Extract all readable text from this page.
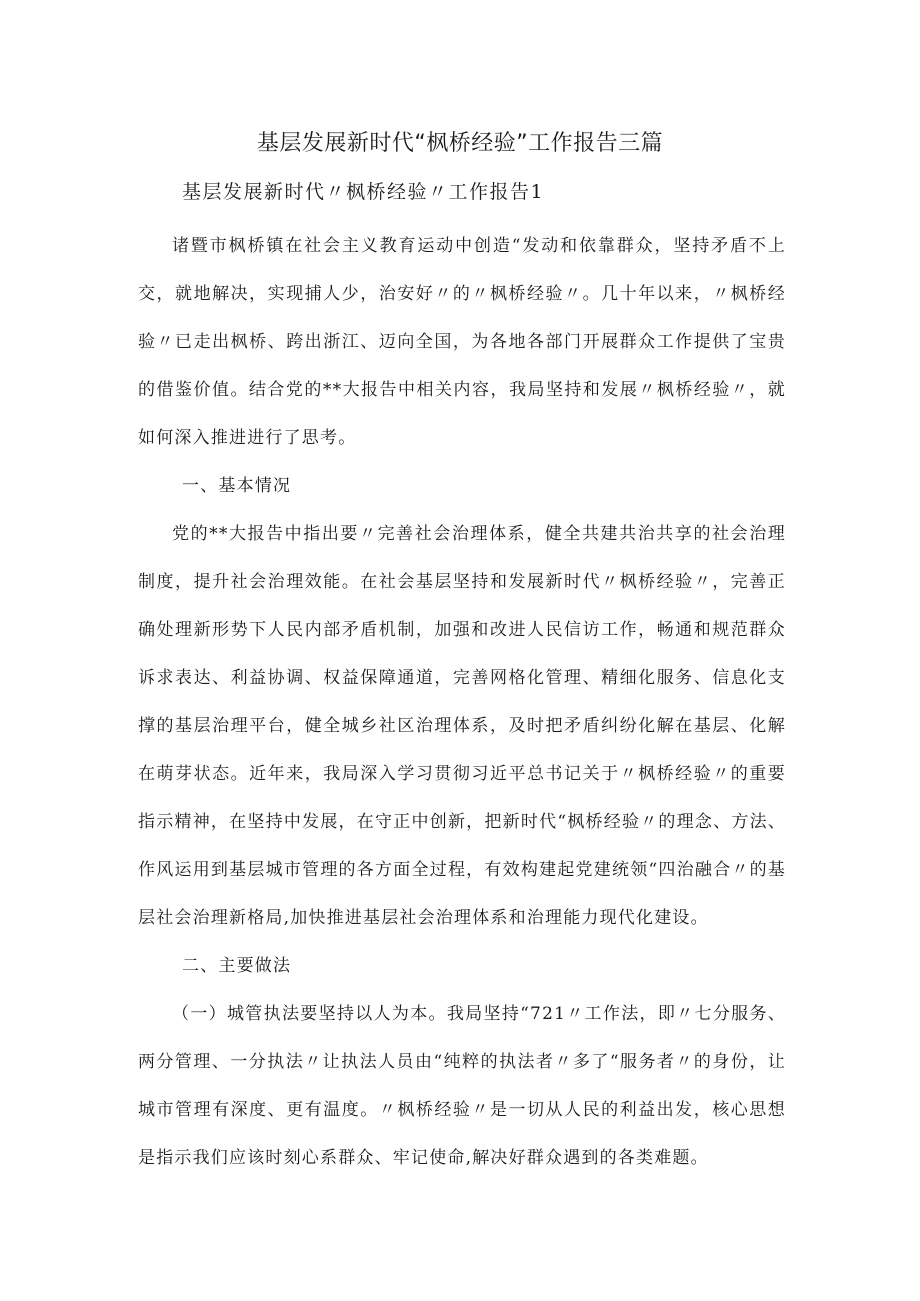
基层发展新时代“枫桥经验”工作报告三篇
基层发展新时代〃枫桥经验〃工作报告1

诸暨市枫桥镇在社会主义教育运动中创造“发动和依靠群众，坚持矛盾不上交，就地解决，实现捕人少，治安好〃的〃枫桥经验〃。几十年以来，〃枫桥经验〃已走出枫桥、跨出浙江、迈向全国，为各地各部门开展群众工作提供了宝贵的借鉴价值。结合党的**大报告中相关内容，我局坚持和发展〃枫桥经验〃，就如何深入推进进行了思考。

一、基本情况

党的**大报告中指出要〃完善社会治理体系，健全共建共治共享的社会治理制度，提升社会治理效能。在社会基层坚持和发展新时代〃枫桥经验〃，完善正确处理新形势下人民内部矛盾机制，加强和改进人民信访工作，畅通和规范群众诉求表达、利益协调、权益保障通道，完善网格化管理、精细化服务、信息化支撑的基层治理平台，健全城乡社区治理体系，及时把矛盾纠纷化解在基层、化解在萌芽状态。近年来，我局深入学习贯彻习近平总书记关于〃枫桥经验〃的重要指示精神，在坚持中发展，在守正中创新，把新时代“枫桥经验〃的理念、方法、作风运用到基层城市管理的各方面全过程，有效构建起党建统领“四治融合〃的基层社会治理新格局,加快推进基层社会治理体系和治理能力现代化建设。

二、主要做法

（一）城管执法要坚持以人为本。我局坚持“721〃工作法，即〃七分服务、两分管理、一分执法〃让执法人员由“纯粹的执法者〃多了“服务者〃的身份，让城市管理有深度、更有温度。〃枫桥经验〃是一切从人民的利益出发，核心思想是指示我们应该时刻心系群众、牢记使命,解决好群众遇到的各类难题。
